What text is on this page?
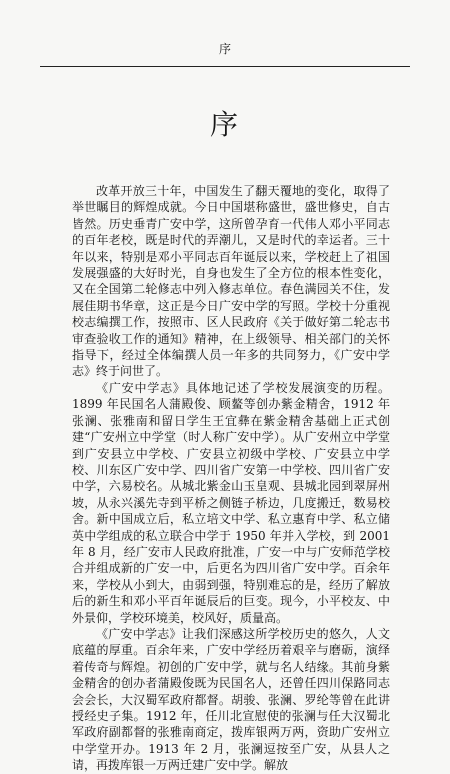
序
序

改革开放三十年，中国发生了翻天覆地的变化，取得了举世瞩目的辉煌成就。今日中国堪称盛世，盛世修史，自古皆然。历史垂青广安中学，这所曾孕育一代伟人邓小平同志的百年老校，既是时代的弄潮儿，又是时代的幸运者。三十年以来，特别是邓小平同志百年诞辰以来，学校赶上了祖国发展强盛的大好时光，自身也发生了全方位的根本性变化，又在全国第二轮修志中列入修志单位。春色满园关不住，发展佳期书华章，这正是今日广安中学的写照。学校十分重视校志编撰工作，按照市、区人民政府《关于做好第二轮志书审查验收工作的通知》精神，在上级领导、相关部门的关怀指导下，经过全体编撰人员一年多的共同努力，《广安中学志》终于问世了。

《广安中学志》具体地记述了学校发展演变的历程。1899 年民国名人蒲殿俊、顾鳌等创办紫金精舍，1912 年张澜、张雅南和留日学生王宜彝在紫金精舍基础上正式创建“广安州立中学堂（时人称广安中学）。从广安州立中学堂到广安县立中学校、广安县立初级中学校、广安县立中学校、川东区广安中学、四川省广安第一中学校、四川省广安中学，六易校名。从城北紫金山玉皇观、县城北园到翠屏州坡，从永兴溪先寺到平桥之侧链子桥边，几度搬迁，数易校舍。新中国成立后，私立培文中学、私立惠育中学、私立储英中学组成的私立联合中学于 1950 年并入学校，到 2001 年 8 月，经广安市人民政府批准，广安一中与广安师范学校合并组成新的广安一中，后更名为四川省广安中学。百余年来，学校从小到大，由弱到强，特别难忘的是，经历了解放后的新生和邓小平百年诞辰后的巨变。现今，小平校友、中外景仰，学校环境美，校风好，质量高。

《广安中学志》让我们深感这所学校历史的悠久，人文底蕴的厚重。百余年来，广安中学经历着艰辛与磨砺，演绎着传奇与辉煌。初创的广安中学，就与名人结缘。其前身紫金精舍的创办者蒲殿俊既为民国名人，还曾任四川保路同志会会长，大汉蜀军政府都督。胡骏、张澜、罗纶等曾在此讲授经史子集。1912 年，任川北宣慰使的张澜与任大汉蜀北军政府副都督的张雅南商定，拨库银两万两，资助广安州立中学堂开办。1913 年 2 月，张澜逗按至广安，从县人之请，再拨库银一万两迁建广安中学。解放
